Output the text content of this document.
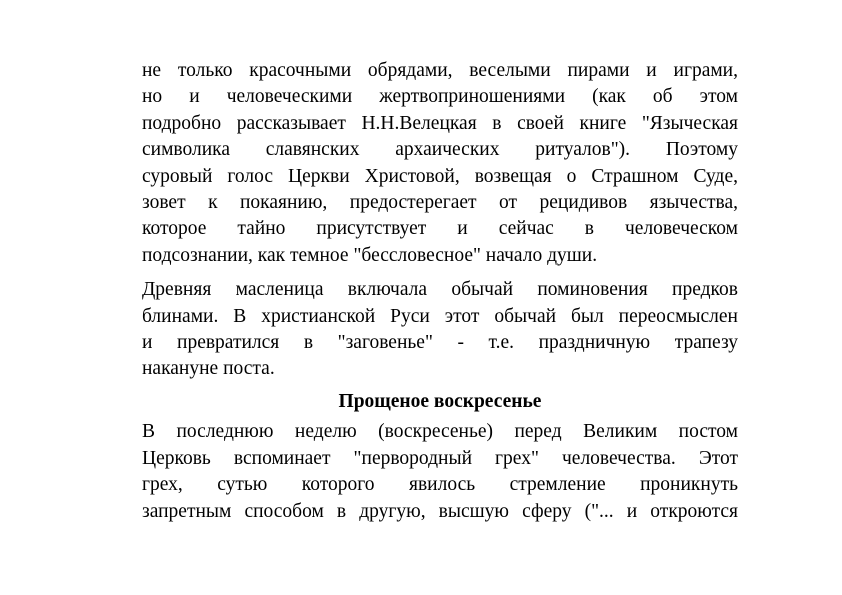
не только красочными обрядами, веселыми пирами и играми,
но и человеческими жертвоприношениями (как об этом
подробно рассказывает Н.Н.Велецкая в своей книге "Языческая
символика славянских архаических ритуалов"). Поэтому
суровый голос Церкви Христовой, возвещая о Страшном Суде,
зовет к покаянию, предостерегает от рецидивов язычества,
которое тайно присутствует и сейчас в человеческом
подсознании, как темное "бессловесное" начало души.
Древняя масленица включала обычай поминовения предков
блинами. В христианской Руси этот обычай был переосмыслен
и превратился в "заговенье" - т.е. праздничную трапезу
накануне поста.
Прощеное воскресенье
В последнюю неделю (воскресенье) перед Великим постом
Церковь вспоминает "первородный грех" человечества. Этот
грех, сутью которого явилось стремление проникнуть
запретным способом в другую, высшую сферу ("... и откроются
